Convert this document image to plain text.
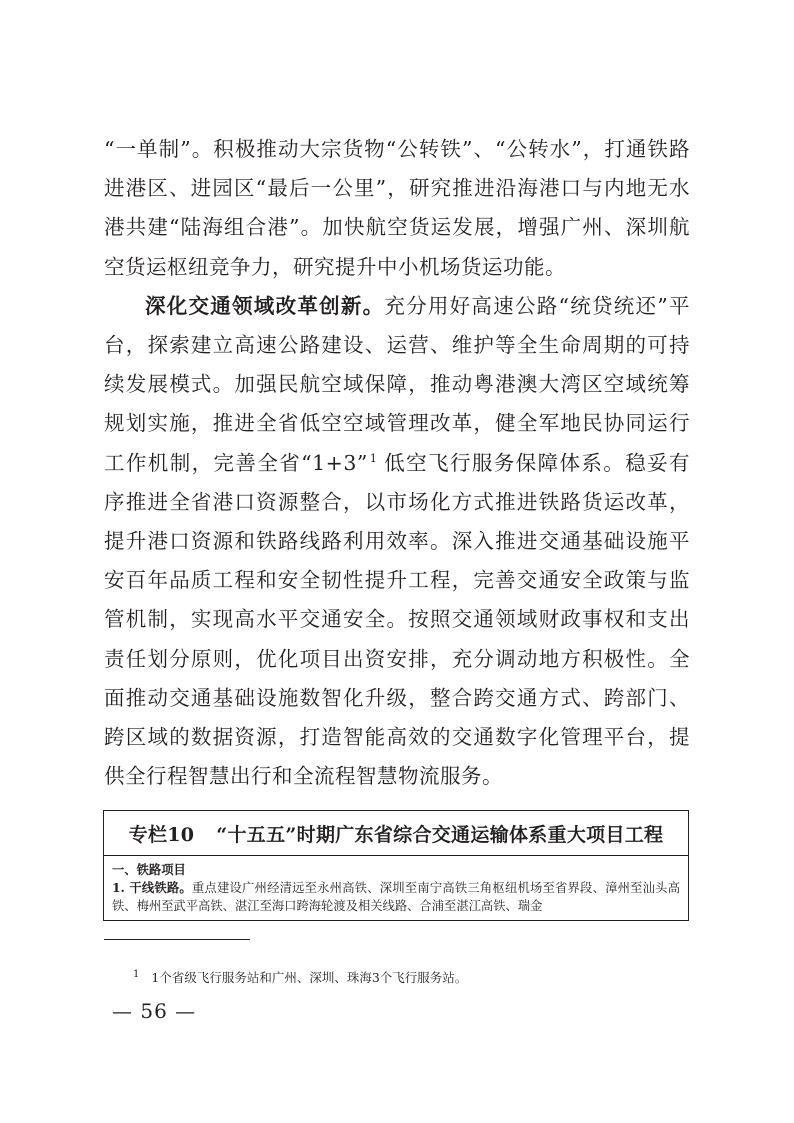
“一单制”。积极推动大宗货物“公转铁”、“公转水”，打通铁路进港区、进园区“最后一公里”，研究推进沿海港口与内地无水港共建“陆海组合港”。加快航空货运发展，增强广州、深圳航空货运枢纽竞争力，研究提升中小机场货运功能。

深化交通领域改革创新。充分用好高速公路“统贷统还”平台，探索建立高速公路建设、运营、维护等全生命周期的可持续发展模式。加强民航空域保障，推动粤港澳大湾区空域统筹规划实施，推进全省低空空域管理改革，健全军地民协同运行工作机制，完善全省“1+3” $^1$ 低空飞行服务保障体系。稳妥有序推进全省港口资源整合，以市场化方式推进铁路货运改革，提升港口资源和铁路线路利用效率。深入推进交通基础设施平安百年品质工程和安全韧性提升工程，完善交通安全政策与监管机制，实现高水平交通安全。按照交通领域财政事权和支出责任划分原则，优化项目出资安排，充分调动地方积极性。全面推动交通基础设施数智化升级，整合跨交通方式、跨部门、跨区域的数据资源，打造智能高效的交通数字化管理平台，提供全行程智慧出行和全流程智慧物流服务。

专栏10 “十五五”时期广东省综合交通运输体系重大项目工程
一、铁路项目
1. 干线铁路。重点建设广州经清远至永州高铁、深圳至南宁高铁三角枢纽机场至省界段、漳州至汕头高铁、梅州至武平高铁、湛江至海口跨海轮渡及相关线路、合浦至湛江高铁、瑞金
$^1$ 1个省级飞行服务站和广州、深圳、珠海3个飞行服务站。
— 56 —
